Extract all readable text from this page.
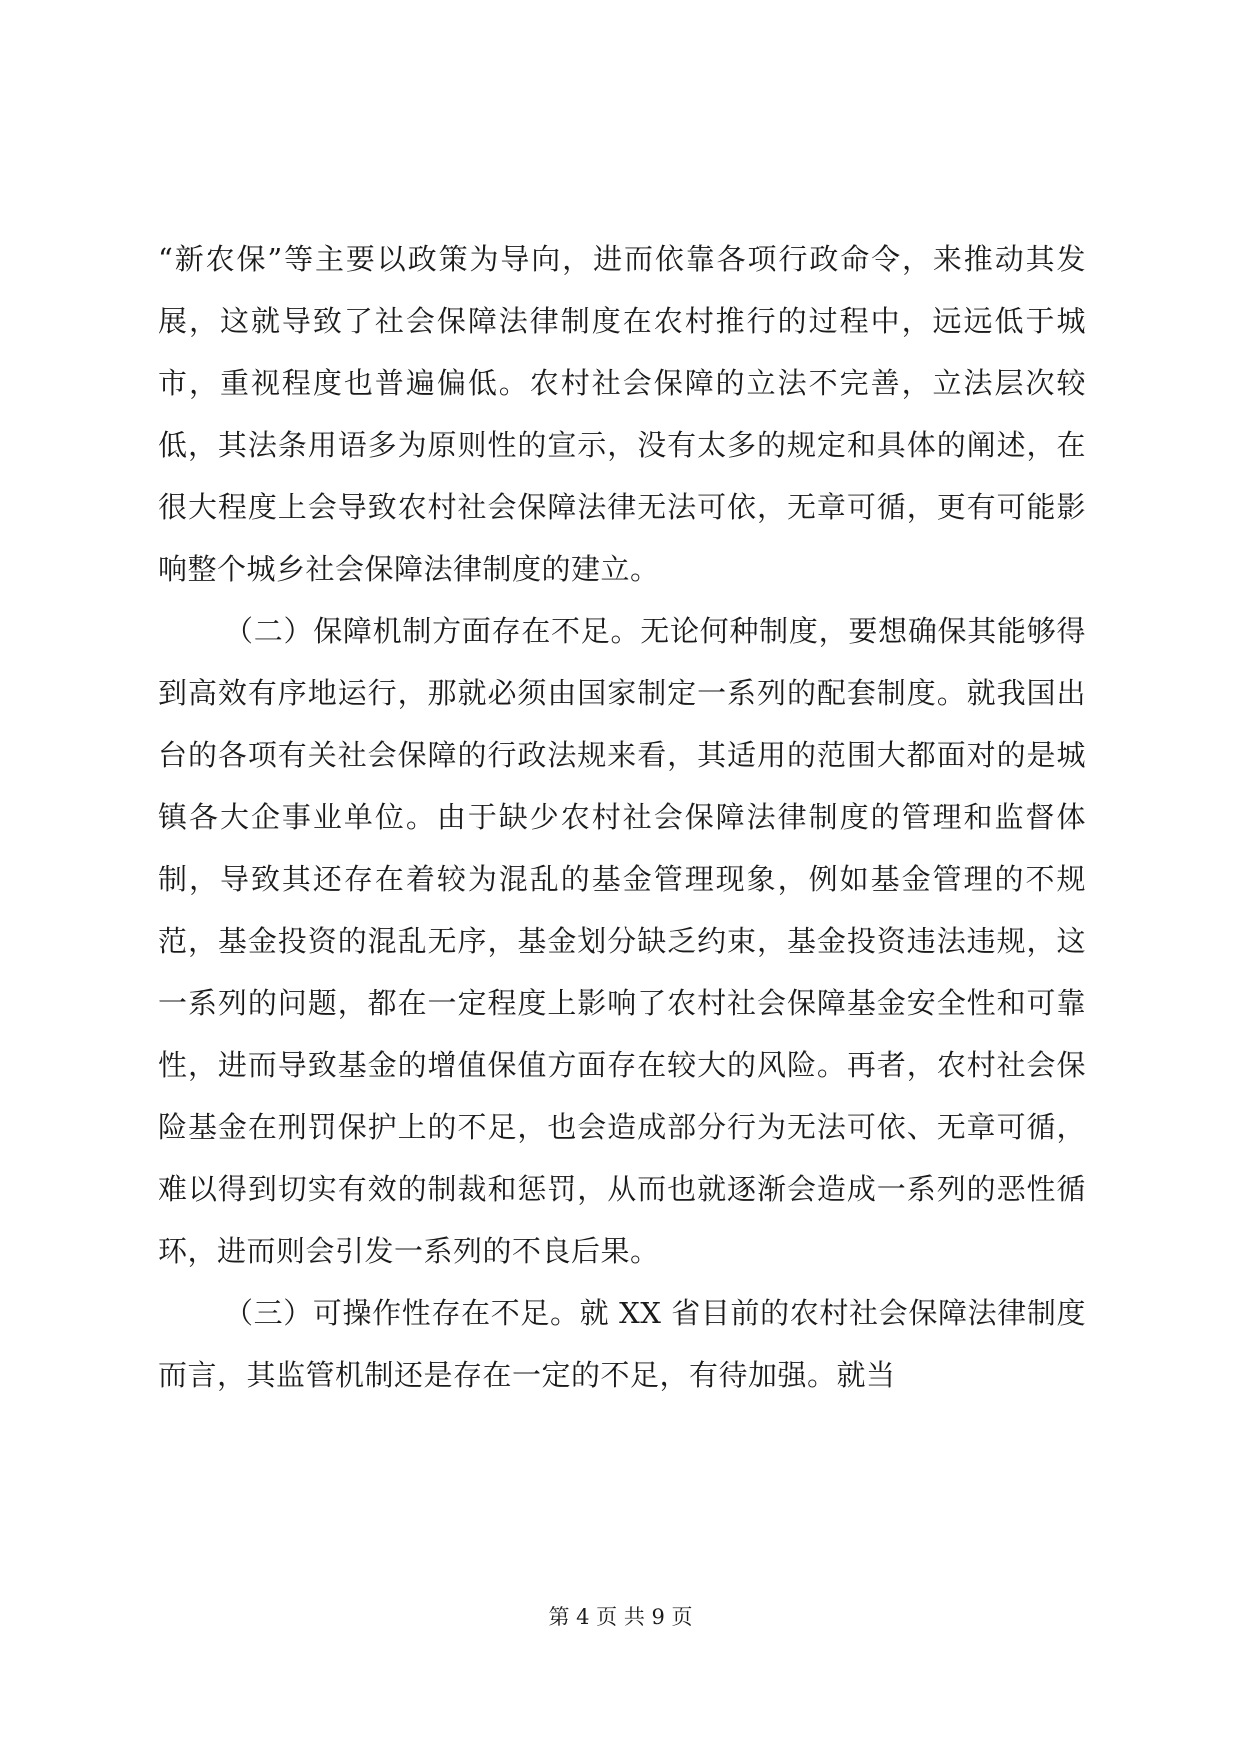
“新农保”等主要以政策为导向，进而依靠各项行政命令，来推动其发展，这就导致了社会保障法律制度在农村推行的过程中，远远低于城市，重视程度也普遍偏低。农村社会保障的立法不完善，立法层次较低，其法条用语多为原则性的宣示，没有太多的规定和具体的阐述，在很大程度上会导致农村社会保障法律无法可依，无章可循，更有可能影响整个城乡社会保障法律制度的建立。

（二）保障机制方面存在不足。无论何种制度，要想确保其能够得到高效有序地运行，那就必须由国家制定一系列的配套制度。就我国出台的各项有关社会保障的行政法规来看，其适用的范围大都面对的是城镇各大企事业单位。由于缺少农村社会保障法律制度的管理和监督体制，导致其还存在着较为混乱的基金管理现象，例如基金管理的不规范，基金投资的混乱无序，基金划分缺乏约束，基金投资违法违规，这一系列的问题，都在一定程度上影响了农村社会保障基金安全性和可靠性，进而导致基金的增值保值方面存在较大的风险。再者，农村社会保险基金在刑罚保护上的不足，也会造成部分行为无法可依、无章可循，难以得到切实有效的制裁和惩罚，从而也就逐渐会造成一系列的恶性循环，进而则会引发一系列的不良后果。

（三）可操作性存在不足。就 XX 省目前的农村社会保障法律制度而言，其监管机制还是存在一定的不足，有待加强。就当

第 4 页 共 9 页
